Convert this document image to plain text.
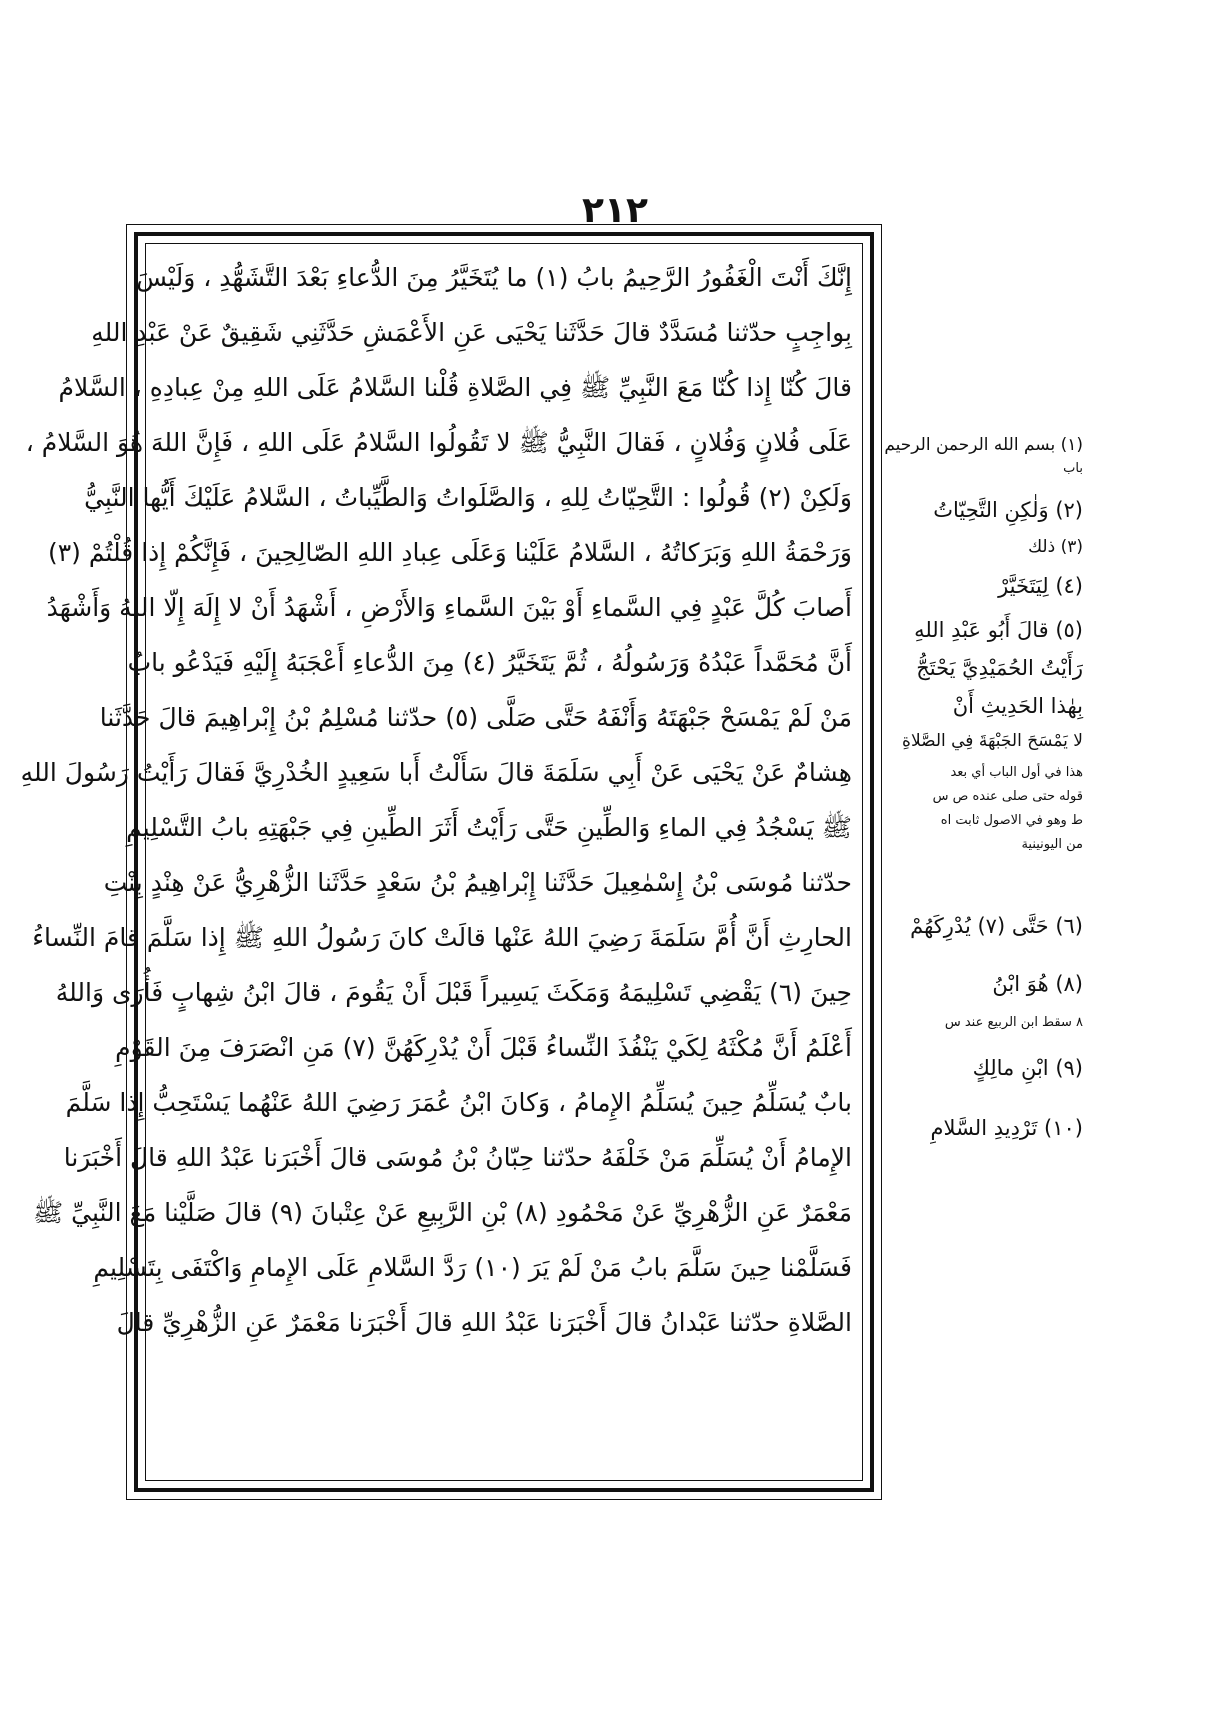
٢١٢
إِنَّكَ أَنْتَ الْغَفُورُ الرَّحِيمُ بابُ (١) ما يُتَخَيَّرُ مِنَ الدُّعاءِ بَعْدَ التَّشَهُّدِ ، وَلَيْسَ
بِواجِبٍ حدّثنا مُسَدَّدٌ قالَ حَدَّثَنا يَحْيَى عَنِ الأَعْمَشِ حَدَّثَنِي شَقِيقٌ عَنْ عَبْدِ اللهِ
قالَ كُنّا إِذا كُنّا مَعَ النَّبِيِّ ﷺ فِي الصَّلاةِ قُلْنا السَّلامُ عَلَى اللهِ مِنْ عِبادِهِ ، السَّلامُ
عَلَى فُلانٍ وَفُلانٍ ، فَقالَ النَّبِيُّ ﷺ لا تَقُولُوا السَّلامُ عَلَى اللهِ ، فَإِنَّ اللهَ هُوَ السَّلامُ ،
وَلَكِنْ (٢) قُولُوا : التَّحِيّاتُ لِلهِ ، وَالصَّلَواتُ وَالطَّيِّباتُ ، السَّلامُ عَلَيْكَ أَيُّها النَّبِيُّ
وَرَحْمَةُ اللهِ وَبَرَكاتُهُ ، السَّلامُ عَلَيْنا وَعَلَى عِبادِ اللهِ الصّالِحِينَ ، فَإِنَّكُمْ إِذا قُلْتُمْ (٣)
أَصابَ كُلَّ عَبْدٍ فِي السَّماءِ أَوْ بَيْنَ السَّماءِ وَالأَرْضِ ، أَشْهَدُ أَنْ لا إِلَهَ إِلّا اللهُ وَأَشْهَدُ
أَنَّ مُحَمَّداً عَبْدُهُ وَرَسُولُهُ ، ثُمَّ يَتَخَيَّرُ (٤) مِنَ الدُّعاءِ أَعْجَبَهُ إِلَيْهِ فَيَدْعُو بابُ
مَنْ لَمْ يَمْسَحْ جَبْهَتَهُ وَأَنْفَهُ حَتَّى صَلَّى (٥) حدّثنا مُسْلِمُ بْنُ إِبْراهِيمَ قالَ حَدَّثَنا
هِشامٌ عَنْ يَحْيَى عَنْ أَبِي سَلَمَةَ قالَ سَأَلْتُ أَبا سَعِيدٍ الخُدْرِيَّ فَقالَ رَأَيْتُ رَسُولَ اللهِ
ﷺ يَسْجُدُ فِي الماءِ وَالطِّينِ حَتَّى رَأَيْتُ أَثَرَ الطِّينِ فِي جَبْهَتِهِ بابُ التَّسْلِيمِ
حدّثنا مُوسَى بْنُ إِسْمٰعِيلَ حَدَّثَنا إِبْراهِيمُ بْنُ سَعْدٍ حَدَّثَنا الزُّهْرِيُّ عَنْ هِنْدٍ بِنْتِ
الحارِثِ أَنَّ أُمَّ سَلَمَةَ رَضِيَ اللهُ عَنْها قالَتْ كانَ رَسُولُ اللهِ ﷺ إِذا سَلَّمَ قامَ النِّساءُ
حِينَ (٦) يَقْضِي تَسْلِيمَهُ وَمَكَثَ يَسِيراً قَبْلَ أَنْ يَقُومَ ، قالَ ابْنُ شِهابٍ فَأُرَى وَاللهُ
أَعْلَمُ أَنَّ مُكْثَهُ لِكَيْ يَنْفُذَ النِّساءُ قَبْلَ أَنْ يُدْرِكَهُنَّ (٧) مَنِ انْصَرَفَ مِنَ القَوْمِ
بابٌ يُسَلِّمُ حِينَ يُسَلِّمُ الإِمامُ ، وَكانَ ابْنُ عُمَرَ رَضِيَ اللهُ عَنْهُما يَسْتَحِبُّ إِذا سَلَّمَ
الإِمامُ أَنْ يُسَلِّمَ مَنْ خَلْفَهُ حدّثنا حِبّانُ بْنُ مُوسَى قالَ أَخْبَرَنا عَبْدُ اللهِ قالَ أَخْبَرَنا
مَعْمَرٌ عَنِ الزُّهْرِيِّ عَنْ مَحْمُودِ (٨) بْنِ الرَّبِيعِ عَنْ عِتْبانَ (٩) قالَ صَلَّيْنا مَعَ النَّبِيِّ ﷺ
فَسَلَّمْنا حِينَ سَلَّمَ بابُ مَنْ لَمْ يَرَ (١٠) رَدَّ السَّلامِ عَلَى الإِمامِ وَاكْتَفَى بِتَسْلِيمِ
الصَّلاةِ حدّثنا عَبْدانُ قالَ أَخْبَرَنا عَبْدُ اللهِ قالَ أَخْبَرَنا مَعْمَرٌ عَنِ الزُّهْرِيِّ قالَ
(١) بسم الله الرحمن الرحيم
باب
(٢) وَلٰكِنِ التَّحِيّاتُ
(٣) ذلك
(٤) لِيَتَخَيَّرْ
(٥) قالَ أَبُو عَبْدِ اللهِ
رَأَيْتُ الحُمَيْدِيَّ يَحْتَجُّ
بِهٰذا الحَدِيثِ أَنْ
لا يَمْسَحَ الجَبْهَةَ فِي الصَّلاةِ
هذا في أول الباب أي بعد
قوله حتى صلى عنده ص س
ط وهو في الاصول ثابت اه
من اليونينية
(٦) حَتَّى (٧) يُدْرِكَهُمْ
(٨) هُوَ ابْنُ
٨ سقط ابن الربيع عند س
(٩) ابْنِ مالِكٍ
(١٠) تَرْدِيدِ السَّلامِ
